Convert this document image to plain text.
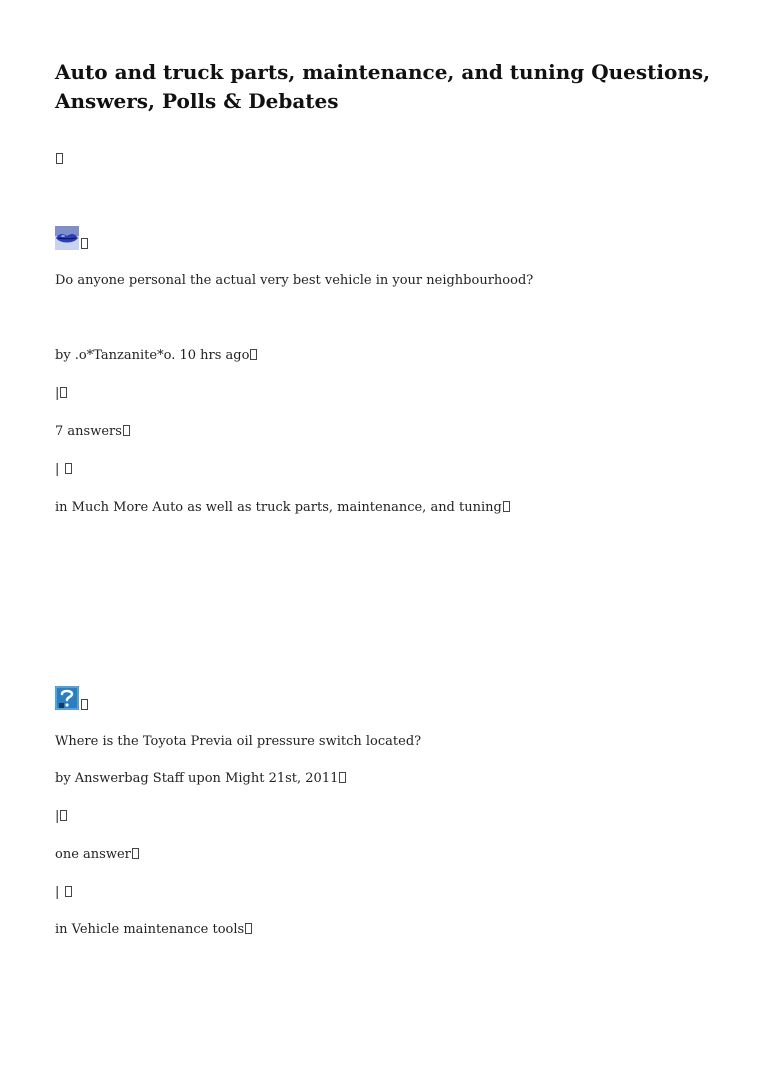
Auto and truck parts, maintenance, and tuning Questions, Answers, Polls & Debates
Do anyone personal the actual very best vehicle in your neighbourhood?
by .o*Tanzanite*o. 10 hrs ago
|
7 answers
|
in Much More Auto as well as truck parts, maintenance, and tuning
Where is the Toyota Previa oil pressure switch located?
by Answerbag Staff upon Might 21st, 2011
|
one answer
|
in Vehicle maintenance tools
